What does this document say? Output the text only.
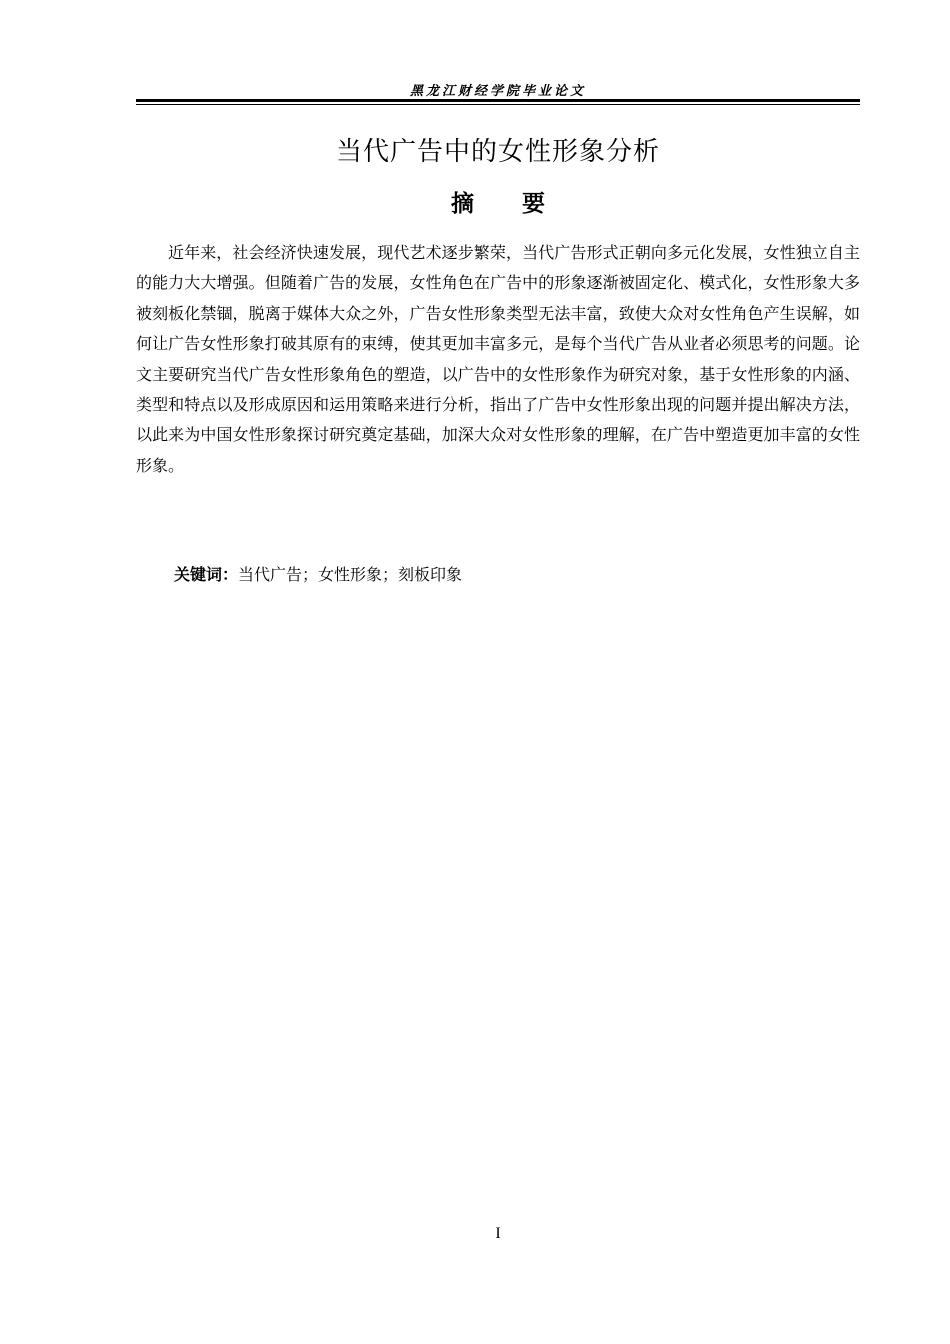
黑龙江财经学院毕业论文
当代广告中的女性形象分析
摘要

近年来，社会经济快速发展，现代艺术逐步繁荣，当代广告形式正朝向多元化发展，女性独立自主的能力大大增强。但随着广告的发展，女性角色在广告中的形象逐渐被固定化、模式化，女性形象大多被刻板化禁锢，脱离于媒体大众之外，广告女性形象类型无法丰富，致使大众对女性角色产生误解，如何让广告女性形象打破其原有的束缚，使其更加丰富多元，是每个当代广告从业者必须思考的问题。论文主要研究当代广告女性形象角色的塑造，以广告中的女性形象作为研究对象，基于女性形象的内涵、类型和特点以及形成原因和运用策略来进行分析，指出了广告中女性形象出现的问题并提出解决方法，以此来为中国女性形象探讨研究奠定基础，加深大众对女性形象的理解，在广告中塑造更加丰富的女性形象。

关键词：当代广告；女性形象；刻板印象
I
